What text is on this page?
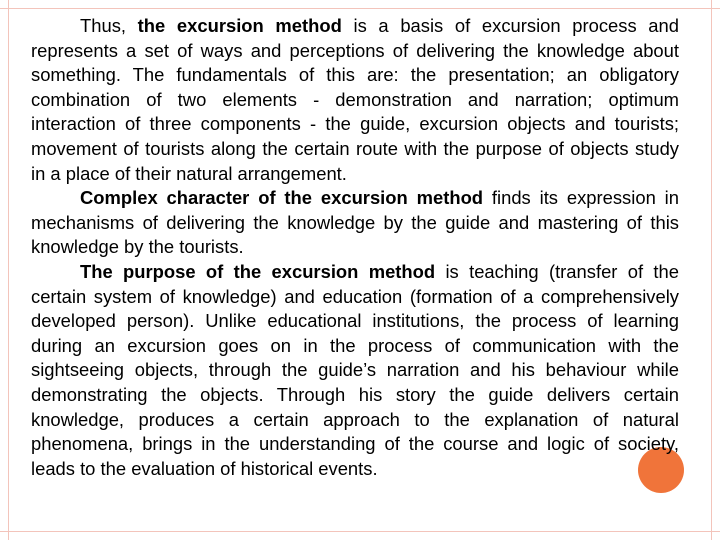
Thus, the excursion method is a basis of excursion process and represents a set of ways and perceptions of delivering the knowledge about something. The fundamentals of this are: the presentation; an obligatory combination of two elements - demonstration and narration; optimum interaction of three components - the guide, excursion objects and tourists; movement of tourists along the certain route with the purpose of objects study in a place of their natural arrangement.

Complex character of the excursion method finds its expression in mechanisms of delivering the knowledge by the guide and mastering of this knowledge by the tourists.

The purpose of the excursion method is teaching (transfer of the certain system of knowledge) and education (formation of a comprehensively developed person). Unlike educational institutions, the process of learning during an excursion goes on in the process of communication with the sightseeing objects, through the guide’s narration and his behaviour while demonstrating the objects. Through his story the guide delivers certain knowledge, produces a certain approach to the explanation of natural phenomena, brings in the understanding of the course and logic of society, leads to the evaluation of historical events.
